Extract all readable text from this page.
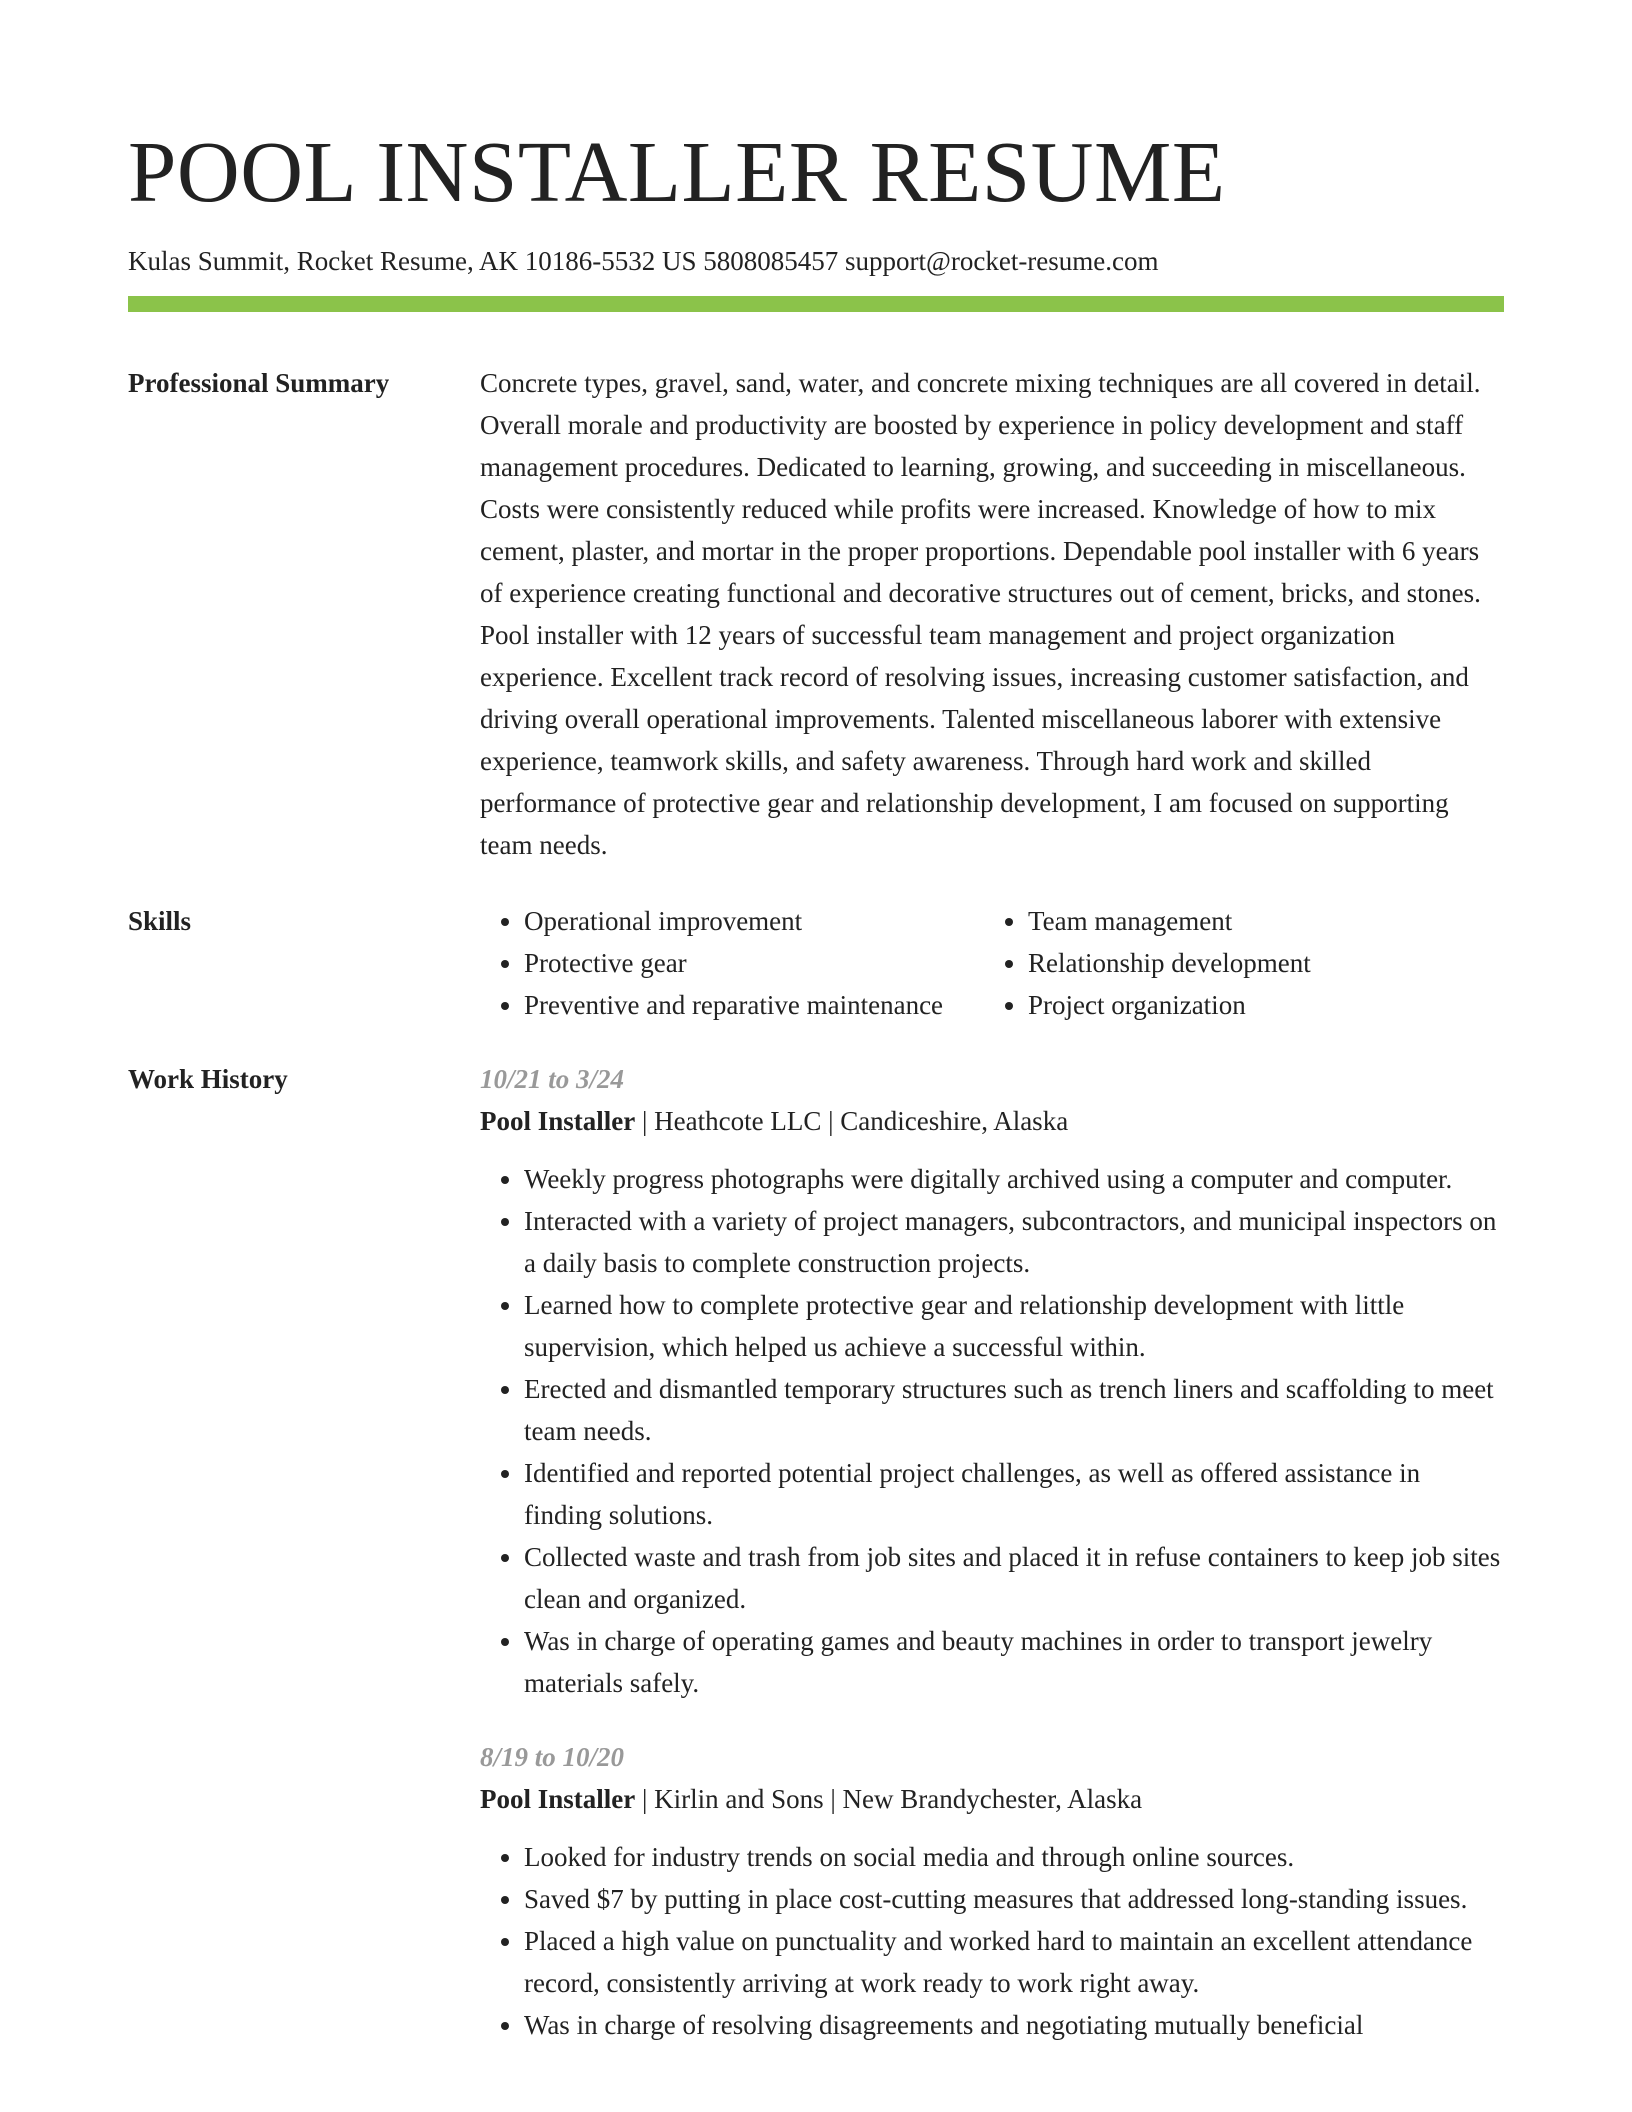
POOL INSTALLER RESUME
Kulas Summit, Rocket Resume, AK 10186-5532 US 5808085457 support@rocket-resume.com
Professional Summary	Concrete types, gravel, sand, water, and concrete mixing techniques are all covered in detail. Overall morale and productivity are boosted by experience in policy development and staff management procedures. Dedicated to learning, growing, and succeeding in miscellaneous. Costs were consistently reduced while profits were increased. Knowledge of how to mix cement, plaster, and mortar in the proper proportions. Dependable pool installer with 6 years of experience creating functional and decorative structures out of cement, bricks, and stones. Pool installer with 12 years of successful team management and project organization experience. Excellent track record of resolving issues, increasing customer satisfaction, and driving overall operational improvements. Talented miscellaneous laborer with extensive experience, teamwork skills, and safety awareness. Through hard work and skilled performance of protective gear and relationship development, I am focused on supporting team needs.
Skills
•	Operational improvement
• Protective gear
• Preventive and reparative maintenance
• Team management
• Relationship development
• Project organization
Work History	10/21 to 3/24
Pool Installer | Heathcote LLC | Candiceshire, Alaska
• Weekly progress photographs were digitally archived using a computer and computer.
• Interacted with a variety of project managers, subcontractors, and municipal inspectors on a daily basis to complete construction projects.
• Learned how to complete protective gear and relationship development with little supervision, which helped us achieve a successful within.
• Erected and dismantled temporary structures such as trench liners and scaffolding to meet team needs.
• Identified and reported potential project challenges, as well as offered assistance in finding solutions.
• Collected waste and trash from job sites and placed it in refuse containers to keep job sites clean and organized.
• Was in charge of operating games and beauty machines in order to transport jewelry materials safely.
8/19 to 10/20
Pool Installer | Kirlin and Sons | New Brandychester, Alaska
• Looked for industry trends on social media and through online sources.
• Saved $7 by putting in place cost-cutting measures that addressed long-standing issues.
• Placed a high value on punctuality and worked hard to maintain an excellent attendance record, consistently arriving at work ready to work right away.
• Was in charge of resolving disagreements and negotiating mutually beneficial
